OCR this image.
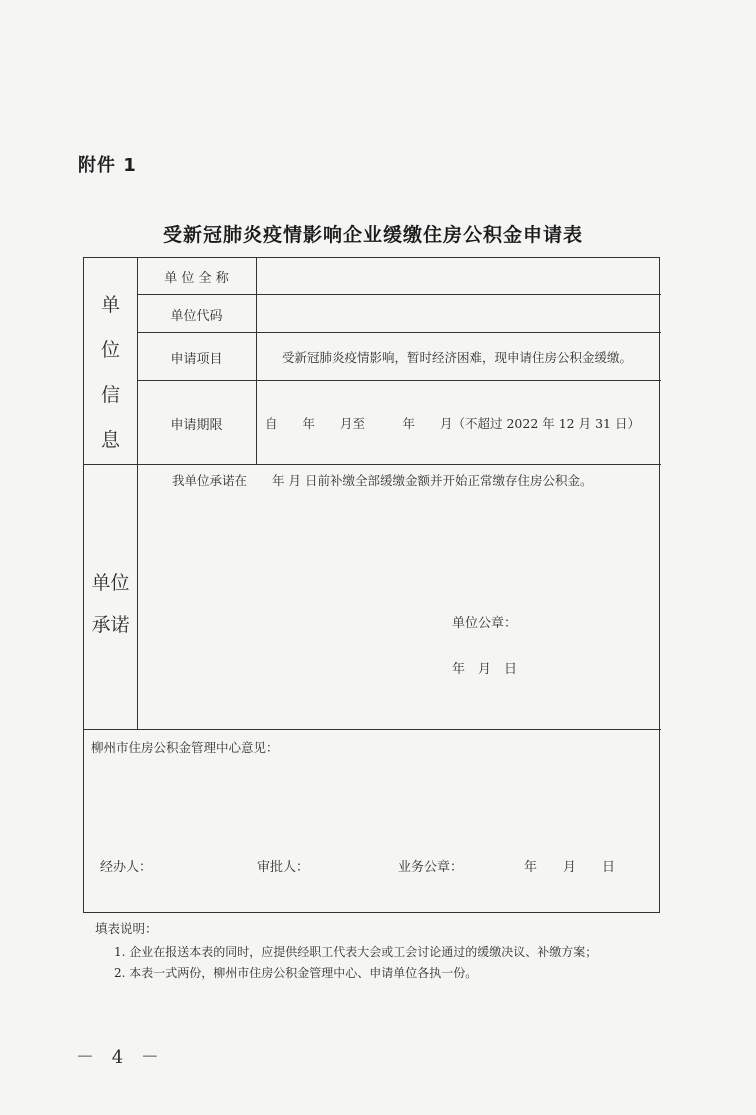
附件 1
受新冠肺炎疫情影响企业缓缴住房公积金申请表
单
位
信
息
单 位 全 称
单位代码
申请项目	受新冠肺炎疫情影响，暂时经济困难，现申请住房公积金缓缴。
申请期限	自　　年　　月至　　　年　　月（不超过 2022 年 12 月 31 日）
单位
承诺
我单位承诺在　　年 月 日前补缴全部缓缴金额并开始正常缴存住房公积金。
单位公章：
年　月　日
柳州市住房公积金管理中心意见：
经办人：	审批人：	业务公章：	年　　月　　日
填表说明：
1. 企业在报送本表的同时，应提供经职工代表大会或工会讨论通过的缓缴决议、补缴方案；
2. 本表一式两份，柳州市住房公积金管理中心、申请单位各执一份。
－ 4 －
